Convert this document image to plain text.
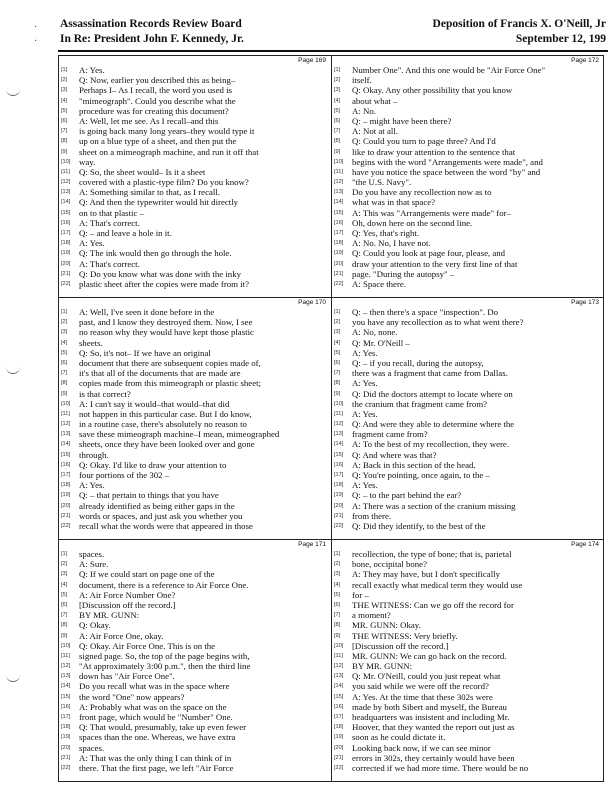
Assassination Records Review Board
In Re: President John F. Kennedy, Jr.
Deposition of Francis X. O'Neill, Jr
September 12, 199
·
·
Page 169
[1] A: Yes.
[2] Q: Now, earlier you described this as being–
[3] Perhaps I– As I recall, the word you used is
[4] "mimeograph". Could you describe what the
[5] procedure was for creating this document?
[6] A: Well, let me see. As I recall–and this
[7] is going back many long years–they would type it
[8] up on a blue type of a sheet, and then put the
[9] sheet on a mimeograph machine, and run it off that
[10] way.
[11] Q: So, the sheet would– Is it a sheet
[12] covered with a plastic-type film? Do you know?
[13] A: Something similar to that, as I recall.
[14] Q: And then the typewriter would hit directly
[15] on to that plastic –
[16] A: That's correct.
[17] Q: – and leave a hole in it.
[18] A: Yes.
[19] Q: The ink would then go through the hole.
[20] A: That's correct.
[21] Q: Do you know what was done with the inky
[22] plastic sheet after the copies were made from it?
Page 172
[1] Number One". And this one would be "Air Force One"
[2] itself.
[3] Q: Okay. Any other possibility that you know
[4] about what –
[5] A: No.
[6] Q: – might have been there?
[7] A: Not at all.
[8] Q: Could you turn to page three? And I'd
[9] like to draw your attention to the sentence that
[10] begins with the word "Arrangements were made", and
[11] have you notice the space between the word "by" and
[12] "the U.S. Navy".
[13] Do you have any recollection now as to
[14] what was in that space?
[15] A: This was "Arrangements were made" for–
[16] Oh, down here on the second line.
[17] Q: Yes, that's right.
[18] A: No. No, I have not.
[19] Q: Could you look at page four, please, and
[20] draw your attention to the very first line of that
[21] page. "During the autopsy" –
[22] A: Space there.
Page 170
[1] A: Well, I've seen it done before in the
[2] past, and I know they destroyed them. Now, I see
[3] no reason why they would have kept those plastic
[4] sheets.
[5] Q: So, it's not– If we have an original
[6] document that there are subsequent copies made of,
[7] it's that all of the documents that are made are
[8] copies made from this mimeograph or plastic sheet;
[9] is that correct?
[10] A: I can't say it would–that would–that did
[11] not happen in this particular case. But I do know,
[12] in a routine case, there's absolutely no reason to
[13] save these mimeograph machine–I mean, mimeographed
[14] sheets, once they have been looked over and gone
[15] through.
[16] Q: Okay. I'd like to draw your attention to
[17] four portions of the 302 –
[18] A: Yes.
[19] Q: – that pertain to things that you have
[20] already identified as being either gaps in the
[21] words or spaces, and just ask you whether you
[22] recall what the words were that appeared in those
Page 173
[1] Q: – then there's a space "inspection". Do
[2] you have any recollection as to what went there?
[3] A: No, none.
[4] Q: Mr. O'Neill –
[5] A: Yes.
[6] Q: – if you recall, during the autopsy,
[7] there was a fragment that came from Dallas.
[8] A: Yes.
[9] Q: Did the doctors attempt to locate where on
[10] the cranium that fragment came from?
[11] A: Yes.
[12] Q: And were they able to determine where the
[13] fragment came from?
[14] A: To the best of my recollection, they were.
[15] Q: And where was that?
[16] A: Back in this section of the head.
[17] Q: You're pointing, once again, to the –
[18] A: Yes.
[19] Q: – to the part behind the ear?
[20] A: There was a section of the cranium missing
[21] from there.
[22] Q: Did they identify, to the best of the
Page 171
[1] spaces.
[2] A: Sure.
[3] Q: If we could start on page one of the
[4] document, there is a reference to Air Force One.
[5] A: Air Force Number One?
[6] [Discussion off the record.]
[7] BY MR. GUNN:
[8] Q: Okay.
[9] A: Air Force One, okay.
[10] Q: Okay. Air Force One. This is on the
[11] signed page. So, the top of the page begins with,
[12] "At approximately 3:00 p.m.", then the third line
[13] down has "Air Force One".
[14] Do you recall what was in the space where
[15] the word "One" now appears?
[16] A: Probably what was on the space on the
[17] front page, which would be "Number" One.
[18] Q: That would, presumably, take up even fewer
[19] spaces than the one. Whereas, we have extra
[20] spaces.
[21] A: That was the only thing I can think of in
[22] there. That the first page, we left "Air Force
Page 174
[1] recollection, the type of bone; that is, parietal
[2] bone, occipital bone?
[3] A: They may have, but I don't specifically
[4] recall exactly what medical term they would use
[5] for –
[6] THE WITNESS: Can we go off the record for
[7] a moment?
[8] MR. GUNN: Okay.
[9] THE WITNESS: Very briefly.
[10] [Discussion off the record.]
[11] MR. GUNN: We can go back on the record.
[12] BY MR. GUNN:
[13] Q: Mr. O'Neill, could you just repeat what
[14] you said while we were off the record?
[15] A: Yes. At the time that these 302s were
[16] made by both Sibert and myself, the Bureau
[17] headquarters was insistent and including Mr.
[18] Hoover, that they wanted the report out just as
[19] soon as he could dictate it.
[20] Looking back now, if we can see minor
[21] errors in 302s, they certainly would have been
[22] corrected if we had more time. There would be no
